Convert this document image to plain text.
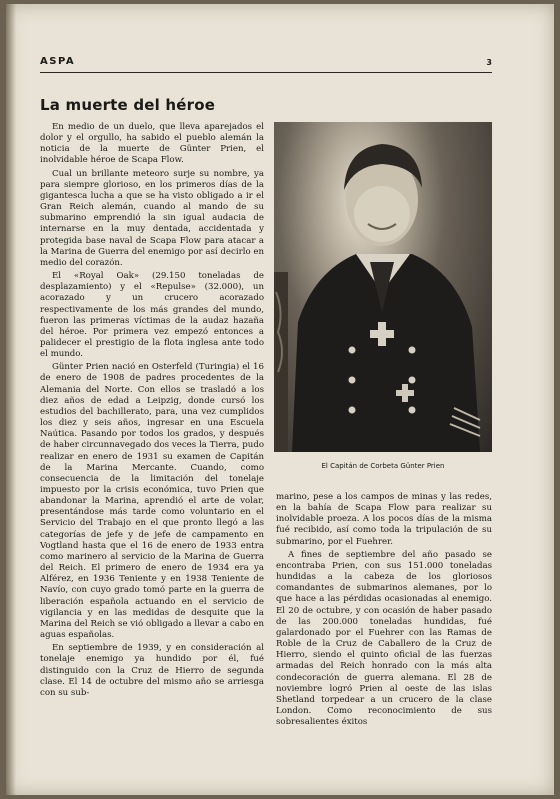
ASPA	3
La muerte del héroe

En medio de un duelo, que lleva aparejados el dolor y el orgullo, ha sabido el pueblo alemán la noticia de la muerte de Günter Prien, el inolvidable héroe de Scapa Flow.

Cual un brillante meteoro surje su nombre, ya para siempre glorioso, en los primeros días de la gigantesca lucha a que se ha visto obligado a ir el Gran Reich alemán, cuando al mando de su submarino emprendió la sin igual audacia de internarse en la muy dentada, accidentada y protegida base naval de Scapa Flow para atacar a la Marina de Guerra del enemigo por así decirlo en medio del corazón.

El «Royal Oak» (29.150 toneladas de desplazamiento) y el «Repulse» (32.000), un acorazado y un crucero acorazado respectivamente de los más grandes del mundo, fueron las primeras víctimas de la audaz hazaña del héroe. Por primera vez empezó entonces a palidecer el prestigio de la flota inglesa ante todo el mundo.

Günter Prien nació en Osterfeld (Turingia) el 16 de enero de 1908 de padres procedentes de la Alemania del Norte. Con ellos se trasladó a los diez años de edad a Leipzig, donde cursó los estudios del bachillerato, para, una vez cumplidos los diez y seis años, ingresar en una Escuela Naútica. Pasando por todos los grados, y después de haber circunnavegado dos veces la Tierra, pudo realizar en enero de 1931 su examen de Capitán de la Marina Mercante. Cuando, como consecuencia de la limitación del tonelaje impuesto por la crisis económica, tuvo Prien que abandonar la Marina, aprendió el arte de volar, presentándose más tarde como voluntario en el Servicio del Trabajo en el que pronto llegó a las categorías de jefe y de jefe de campamento en Vogtland hasta que el 16 de enero de 1933 entra como marinero al servicio de la Marina de Guerra del Reich. El primero de enero de 1934 era ya Alférez, en 1936 Teniente y en 1938 Teniente de Navío, con cuyo grado tomó parte en la guerra de liberación española actuando en el servicio de vigilancia y en las medidas de desquite que la Marina del Reich se vió obligado a llevar a cabo en aguas españolas.

En septiembre de 1939, y en consideración al tonelaje enemigo ya hundido por él, fué distinguido con la Cruz de Hierro de segunda clase. El 14 de octubre del mismo año se arriesga con su sub-

El Capitán de Corbeta Günter Prien

marino, pese a los campos de minas y las redes, en la bahía de Scapa Flow para realizar su inolvidable proeza. A los pocos días de la misma fué recibido, así como toda la tripulación de su submarino, por el Fuehrer.

A fines de septiembre del año pasado se encontraba Prien, con sus 151.000 toneladas hundidas a la cabeza de los gloriosos comandantes de submarinos alemanes, por lo que hace a las pérdidas ocasionadas al enemigo. El 20 de octubre, y con ocasión de haber pasado de las 200.000 toneladas hundidas, fué galardonado por el Fuehrer con las Ramas de Roble de la Cruz de Caballero de la Cruz de Hierro, siendo el quinto oficial de las fuerzas armadas del Reich honrado con la más alta condecoración de guerra alemana. El 28 de noviembre logró Prien al oeste de las islas Shetland torpedear a un crucero de la clase London. Como reconocimiento de sus sobresalientes éxitos
